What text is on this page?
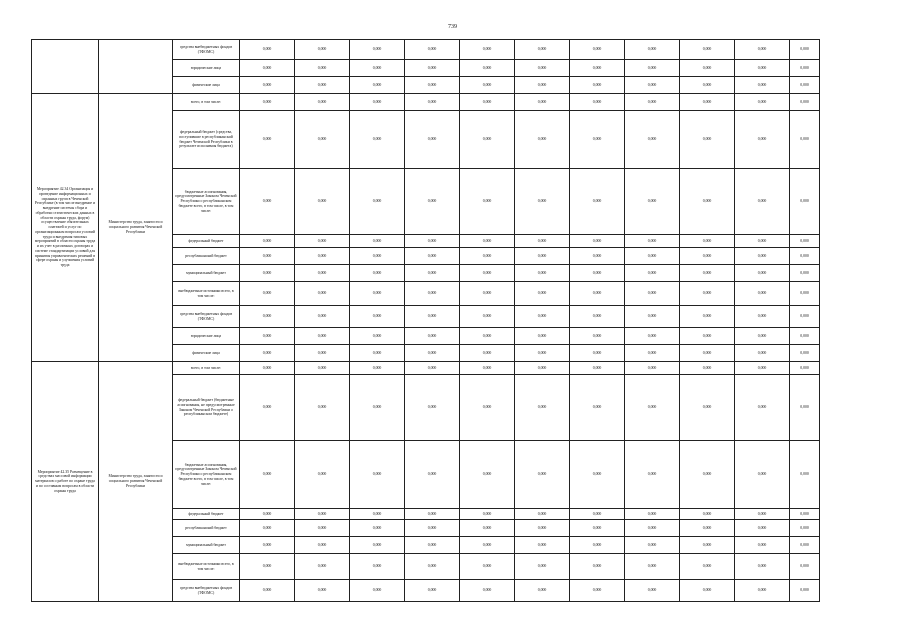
739
		средства внебюджетных фондов (ТФОМС)	0,000	0,000	0,000	0,000	0,000	0,000	0,000	0,000	0,000	0,000	0,000	
		юридические лица	0,000	0,000	0,000	0,000	0,000	0,000	0,000	0,000	0,000	0,000	0,000	
		физические лица	0,000	0,000	0,000	0,000	0,000	0,000	0,000	0,000	0,000	0,000	0,000	
Мероприятие 42.34 Организация и проведение информационных и охранных групп в Чеченской Республике (в том числе внедрение и внедрение системы сбора и обработки статистических данных в области охраны труда, форум) осуществление обязательных платежей и услуг по организационным вопросам условий труда и внедрения типовых мероприятий в области охраны труда и их учет в различных договорах и системе стандартизации условий для принятия управленческих решений в сфере охраны и улучшения условий труда	Министерство труда, занятости и социального развития Чеченской Республики	всего, в том числе:	0,000	0,000	0,000	0,000	0,000	0,000	0,000	0,000	0,000	0,000	0,000	
		федеральный бюджет (средства, поступившие в республиканский бюджет Чеченской Республики в результате исполнения бюджета)	0,000	0,000	0,000	0,000	0,000	0,000	0,000	0,000	0,000	0,000	0,000	
		бюджетные ассигнования, предусмотренные Законом Чеченской Республики о республиканском бюджете всего, в том числе, в том числе:	0,000	0,000	0,000	0,000	0,000	0,000	0,000	0,000	0,000	0,000	0,000	
		федеральный бюджет	0,000	0,000	0,000	0,000	0,000	0,000	0,000	0,000	0,000	0,000	0,000	
		республиканский бюджет	0,000	0,000	0,000	0,000	0,000	0,000	0,000	0,000	0,000	0,000	0,000	
		муниципальный бюджет	0,000	0,000	0,000	0,000	0,000	0,000	0,000	0,000	0,000	0,000	0,000	
		внебюджетные источники всего, в том числе:	0,000	0,000	0,000	0,000	0,000	0,000	0,000	0,000	0,000	0,000	0,000	
		средства внебюджетных фондов (ТФОМС)	0,000	0,000	0,000	0,000	0,000	0,000	0,000	0,000	0,000	0,000	0,000	
		юридические лица	0,000	0,000	0,000	0,000	0,000	0,000	0,000	0,000	0,000	0,000	0,000	
		физические лица	0,000	0,000	0,000	0,000	0,000	0,000	0,000	0,000	0,000	0,000	0,000	
Мероприятие 42.35 Размещение в средствах массовой информации материалов о работе по охране труда и по составным вопросам в области охраны труда	Министерство труда, занятости и социального развития Чеченской Республики	всего, в том числе:	0,000	0,000	0,000	0,000	0,000	0,000	0,000	0,000	0,000	0,000	0,000	
		федеральный бюджет (бюджетные ассигнования, не предусмотренные Законом Чеченской Республики о республиканском бюджете)	0,000	0,000	0,000	0,000	0,000	0,000	0,000	0,000	0,000	0,000	0,000	
		бюджетные ассигнования, предусмотренные Законом Чеченской Республики о республиканском бюджете всего, в том числе, в том числе:	0,000	0,000	0,000	0,000	0,000	0,000	0,000	0,000	0,000	0,000	0,000	
		федеральный бюджет	0,000	0,000	0,000	0,000	0,000	0,000	0,000	0,000	0,000	0,000	0,000	
		республиканский бюджет	0,000	0,000	0,000	0,000	0,000	0,000	0,000	0,000	0,000	0,000	0,000	
		муниципальный бюджет	0,000	0,000	0,000	0,000	0,000	0,000	0,000	0,000	0,000	0,000	0,000	
		внебюджетные источники всего, в том числе:	0,000	0,000	0,000	0,000	0,000	0,000	0,000	0,000	0,000	0,000	0,000	
		средства внебюджетных фондов (ТФОМС)	0,000	0,000	0,000	0,000	0,000	0,000	0,000	0,000	0,000	0,000	0,000	
